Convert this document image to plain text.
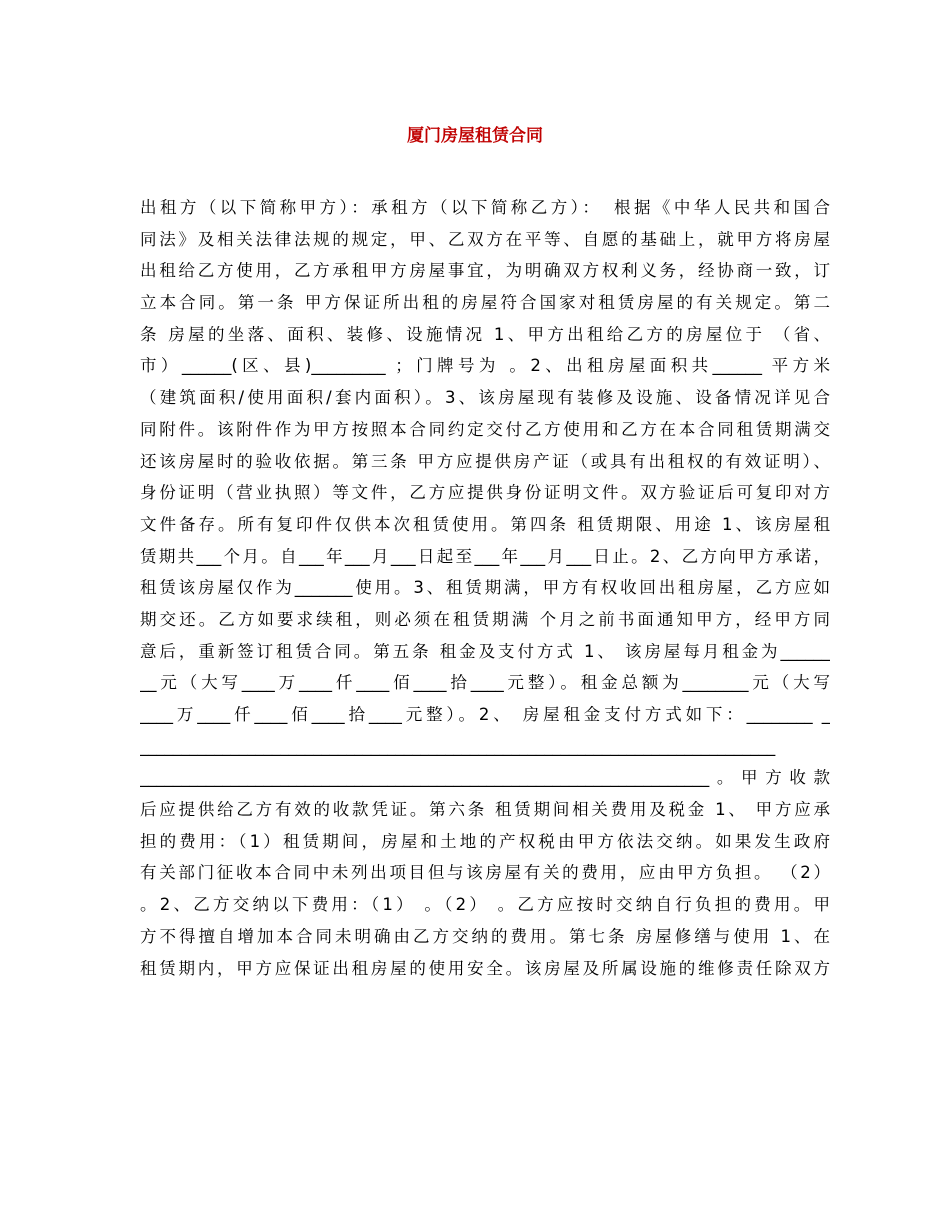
厦门房屋租赁合同
出租方（以下简称甲方）：承租方（以下简称乙方）：　根据《中华人民共和国合
同法》及相关法律法规的规定，甲、乙双方在平等、自愿的基础上，就甲方将房屋
出租给乙方使用，乙方承租甲方房屋事宜，为明确双方权利义务，经协商一致，订
立本合同。第一条 甲方保证所出租的房屋符合国家对租赁房屋的有关规定。第二
条 房屋的坐落、面积、装修、设施情况 1、甲方出租给乙方的房屋位于 （省、
市）______(区、县)_________ ；门牌号为 。2、出租房屋面积共______ 平方米
（建筑面积/使用面积/套内面积）。3、该房屋现有装修及设施、设备情况详见合
同附件。该附件作为甲方按照本合同约定交付乙方使用和乙方在本合同租赁期满交
还该房屋时的验收依据。第三条 甲方应提供房产证（或具有出租权的有效证明）、
身份证明（营业执照）等文件，乙方应提供身份证明文件。双方验证后可复印对方
文件备存。所有复印件仅供本次租赁使用。第四条 租赁期限、用途 1、该房屋租
赁期共___个月。自___年___月___日起至___年___月___日止。2、乙方向甲方承诺，
租赁该房屋仅作为_______使用。3、租赁期满，甲方有权收回出租房屋，乙方应如
期交还。乙方如要求续租，则必须在租赁期满 个月之前书面通知甲方，经甲方同
意后，重新签订租赁合同。第五条 租金及支付方式 1、 该房屋每月租金为______
__元（大写____万____仟____佰____拾____元整）。租金总额为________元（大写
____万____仟____佰____拾____元整）。2、 房屋租金支付方式如下：________ _
_____________________________________________________________________________
_____________________________________________________________________。甲方收款
后应提供给乙方有效的收款凭证。第六条 租赁期间相关费用及税金 1、 甲方应承
担的费用：（1）租赁期间，房屋和土地的产权税由甲方依法交纳。如果发生政府
有关部门征收本合同中未列出项目但与该房屋有关的费用，应由甲方负担。 （2）
。2、乙方交纳以下费用：（1） 。（2） 。乙方应按时交纳自行负担的费用。甲
方不得擅自增加本合同未明确由乙方交纳的费用。第七条 房屋修缮与使用 1、在
租赁期内，甲方应保证出租房屋的使用安全。该房屋及所属设施的维修责任除双方
